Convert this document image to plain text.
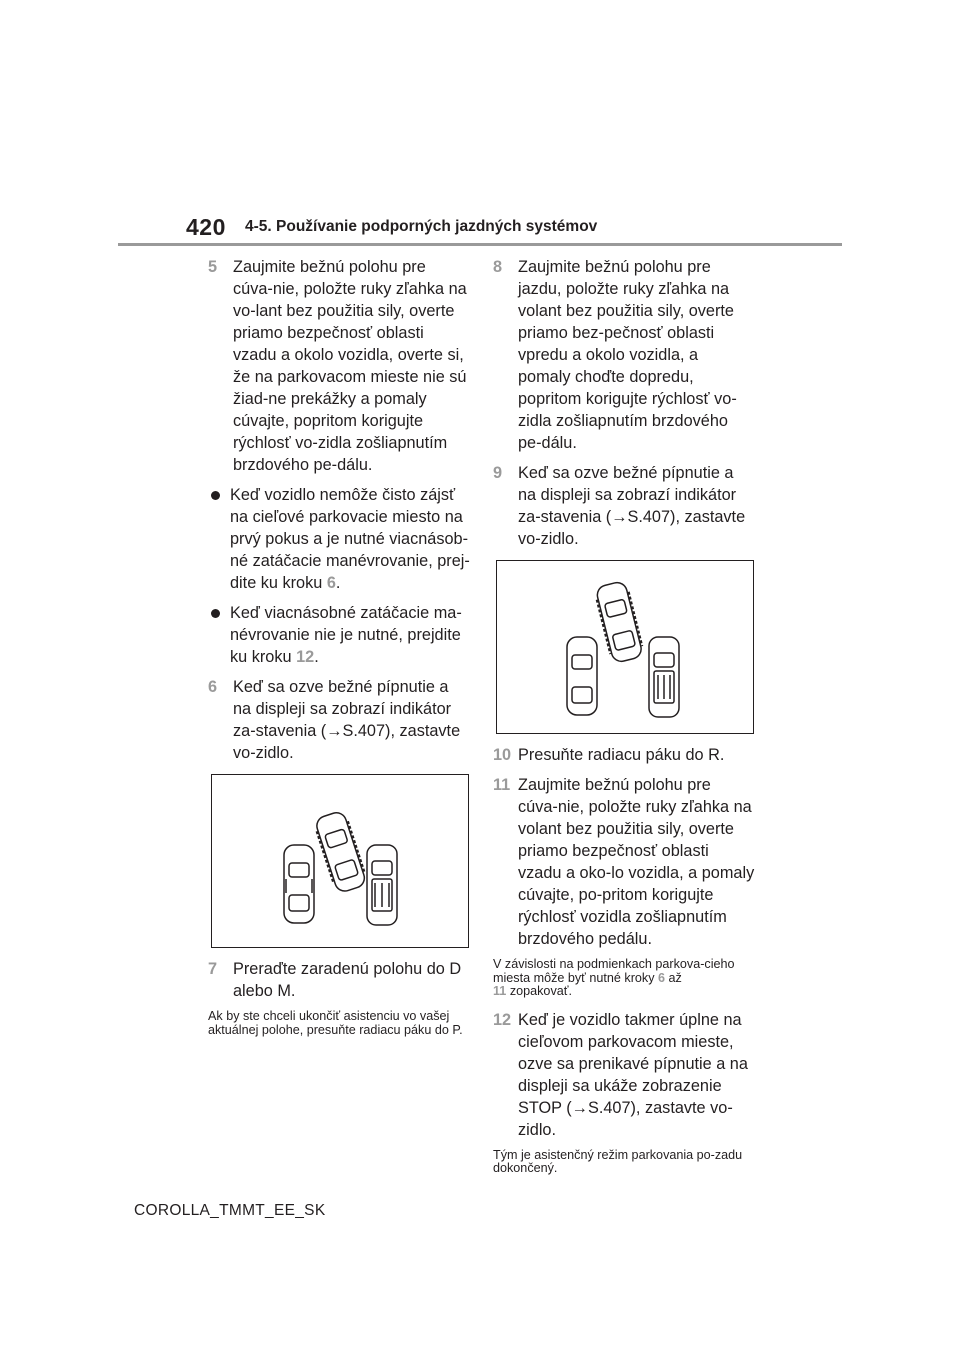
420 4-5. Používanie podporných jazdných systémov
5 Zaujmite bežnú polohu pre cúva-nie, položte ruky zľahka na vo-lant bez použitia sily, overte priamo bezpečnosť oblasti vzadu a okolo vozidla, overte si, že na parkovacom mieste nie sú žiad-ne prekážky a pomaly cúvajte, popritom korigujte rýchlosť vo-zidla zošliapnutím brzdového pe-dálu.
Keď vozidlo nemôže čisto zájsť na cieľové parkovacie miesto na prvý pokus a je nutné viacnásob-né zatáčacie manévrovanie, prej-dite ku kroku 6.
Keď viacnásobné zatáčacie ma-névrovanie nie je nutné, prejdite ku kroku 12.
6 Keď sa ozve bežné pípnutie a na displeji sa zobrazí indikátor za-stavenia (→S.407), zastavte vo-zidlo.
7 Preraďte zaradenú polohu do D alebo M.
Ak by ste chceli ukončiť asistenciu vo vašej aktuálnej polohe, presuňte radiacu páku do P.
8 Zaujmite bežnú polohu pre jazdu, položte ruky zľahka na volant bez použitia sily, overte priamo bez-pečnosť oblasti vpredu a okolo vozidla, a pomaly choďte dopredu, popritom korigujte rýchlosť vo-zidla zošliapnutím brzdového pe-dálu.
9 Keď sa ozve bežné pípnutie a na displeji sa zobrazí indikátor za-stavenia (→S.407), zastavte vo-zidlo.
10 Presuňte radiacu páku do R.
11 Zaujmite bežnú polohu pre cúva-nie, položte ruky zľahka na volant bez použitia sily, overte priamo bezpečnosť oblasti vzadu a oko-lo vozidla, a pomaly cúvajte, po-pritom korigujte rýchlosť vozidla zošliapnutím brzdového pedálu.
V závislosti na podmienkach parkova-cieho miesta môže byť nutné kroky 6 až
11 zopakovať.
12 Keď je vozidlo takmer úplne na cieľovom parkovacom mieste, ozve sa prenikavé pípnutie a na displeji sa ukáže zobrazenie STOP (→S.407), zastavte vo-zidlo.
Tým je asistenčný režim parkovania po-zadu dokončený.
COROLLA_TMMT_EE_SK
